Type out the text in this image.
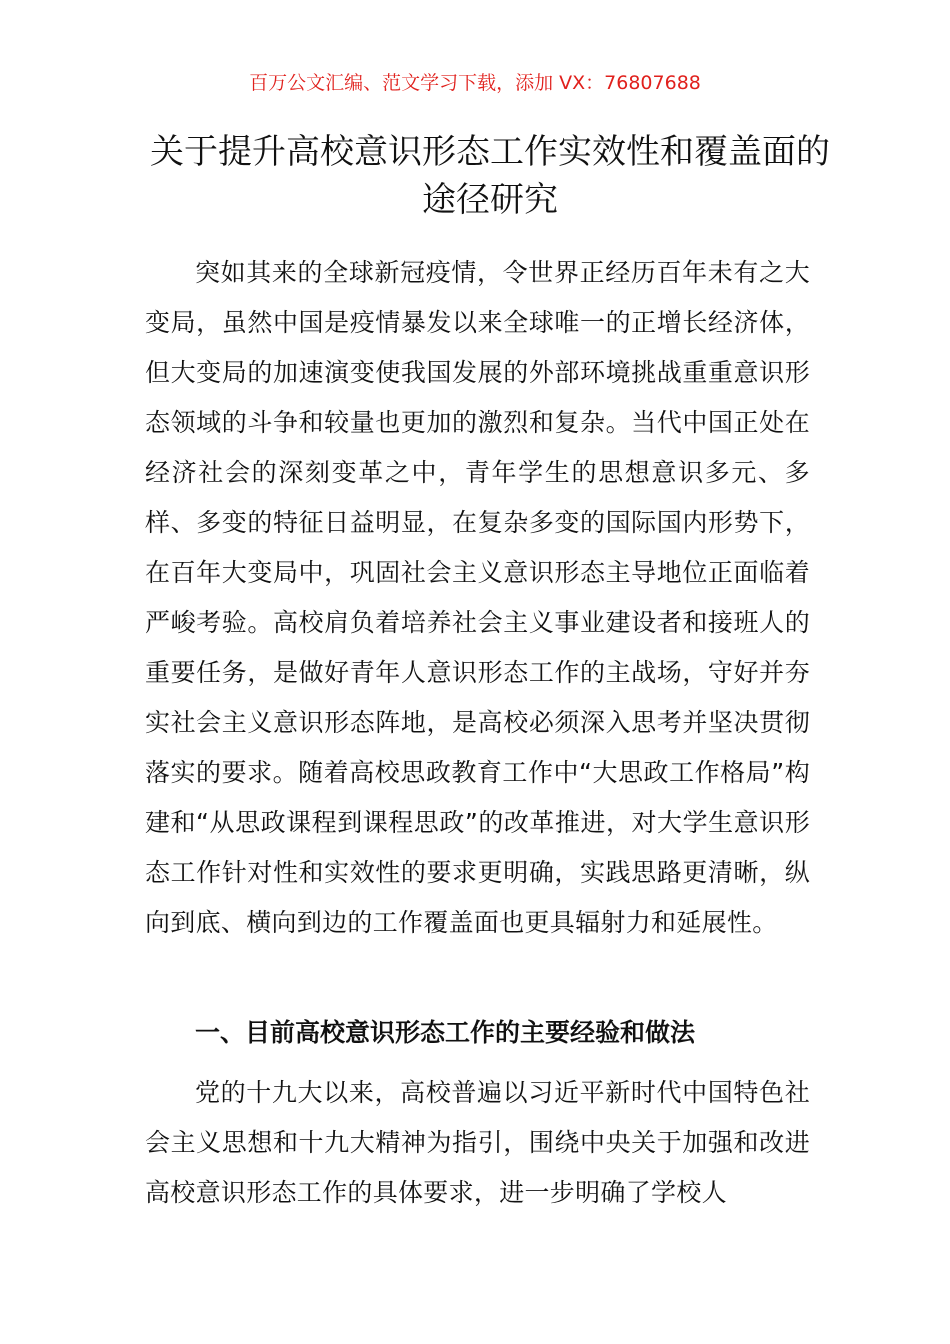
百万公文汇编、范文学习下载，添加 VX：76807688
关于提升高校意识形态工作实效性和覆盖面的途径研究

突如其来的全球新冠疫情，令世界正经历百年未有之大变局，虽然中国是疫情暴发以来全球唯一的正增长经济体，但大变局的加速演变使我国发展的外部环境挑战重重意识形态领域的斗争和较量也更加的激烈和复杂。当代中国正处在经济社会的深刻变革之中，青年学生的思想意识多元、多样、多变的特征日益明显，在复杂多变的国际国内形势下，在百年大变局中，巩固社会主义意识形态主导地位正面临着严峻考验。高校肩负着培养社会主义事业建设者和接班人的重要任务，是做好青年人意识形态工作的主战场，守好并夯实社会主义意识形态阵地，是高校必须深入思考并坚决贯彻落实的要求。随着高校思政教育工作中“大思政工作格局”构建和“从思政课程到课程思政”的改革推进，对大学生意识形态工作针对性和实效性的要求更明确，实践思路更清晰，纵向到底、横向到边的工作覆盖面也更具辐射力和延展性。

一、目前高校意识形态工作的主要经验和做法

党的十九大以来，高校普遍以习近平新时代中国特色社会主义思想和十九大精神为指引，围绕中央关于加强和改进高校意识形态工作的具体要求，进一步明确了学校人
